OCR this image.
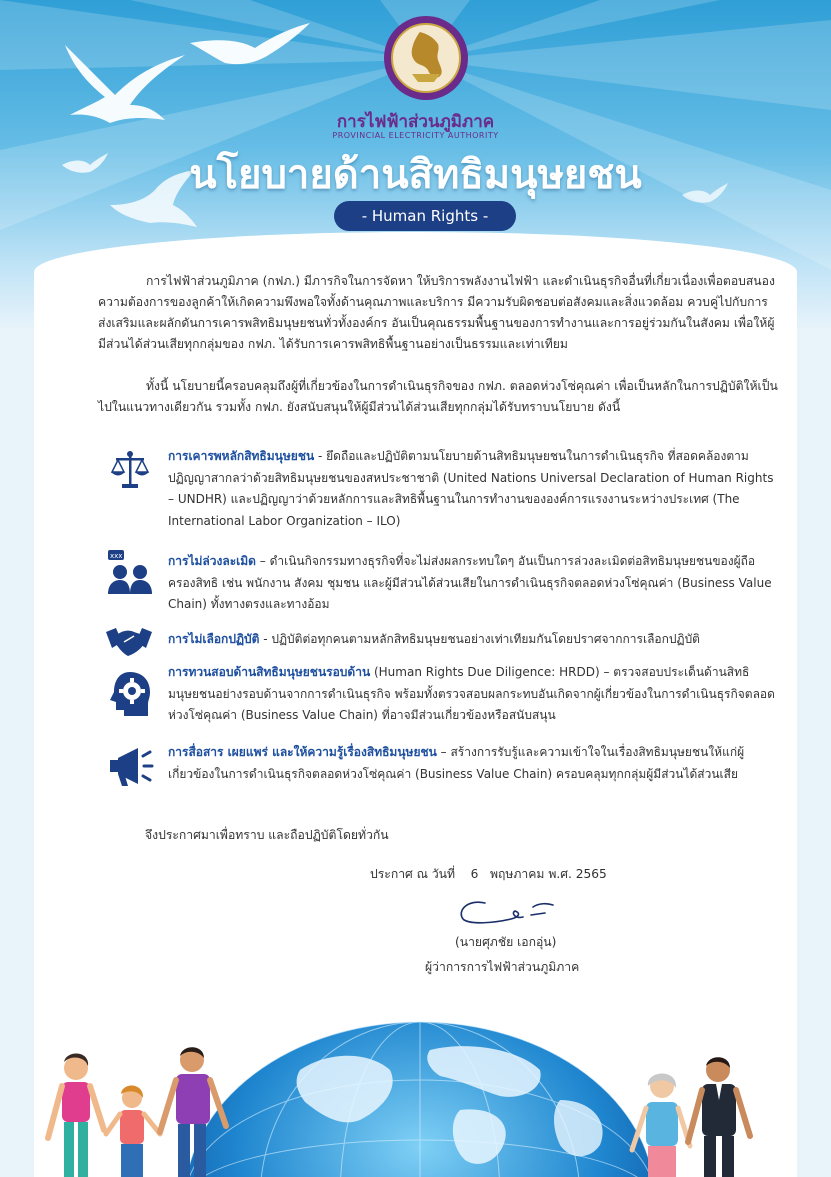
การไฟฟ้าส่วนภูมิภาค
PROVINCIAL ELECTRICITY AUTHORITY
นโยบายด้านสิทธิมนุษยชน
- Human Rights -

การไฟฟ้าส่วนภูมิภาค (กฟภ.) มีภารกิจในการจัดหา ให้บริการพลังงานไฟฟ้า และดำเนินธุรกิจอื่นที่เกี่ยวเนื่องเพื่อตอบสนองความต้องการของลูกค้าให้เกิดความพึงพอใจทั้งด้านคุณภาพและบริการ มีความรับผิดชอบต่อสังคมและสิ่งแวดล้อม ควบคู่ไปกับการส่งเสริมและผลักดันการเคารพสิทธิมนุษยชนทั่วทั้งองค์กร อันเป็นคุณธรรมพื้นฐานของการทำงานและการอยู่ร่วมกันในสังคม เพื่อให้ผู้มีส่วนได้ส่วนเสียทุกกลุ่มของ กฟภ. ได้รับการเคารพสิทธิพื้นฐานอย่างเป็นธรรมและเท่าเทียม

ทั้งนี้ นโยบายนี้ครอบคลุมถึงผู้ที่เกี่ยวข้องในการดำเนินธุรกิจของ กฟภ. ตลอดห่วงโซ่คุณค่า เพื่อเป็นหลักในการปฏิบัติให้เป็นไปในแนวทางเดียวกัน รวมทั้ง กฟภ. ยังสนับสนุนให้ผู้มีส่วนได้ส่วนเสียทุกกลุ่มได้รับทราบนโยบาย ดังนี้

การเคารพหลักสิทธิมนุษยชน - ยึดถือและปฏิบัติตามนโยบายด้านสิทธิมนุษยชนในการดำเนินธุรกิจ ที่สอดคล้องตามปฏิญญาสากลว่าด้วยสิทธิมนุษยชนของสหประชาชาติ (United Nations Universal Declaration of Human Rights – UNDHR) และปฏิญญาว่าด้วยหลักการและสิทธิพื้นฐานในการทำงานขององค์การแรงงานระหว่างประเทศ (The International Labor Organization – ILO)

xxx	การไม่ล่วงละเมิด – ดำเนินกิจกรรมทางธุรกิจที่จะไม่ส่งผลกระทบใดๆ อันเป็นการล่วงละเมิดต่อสิทธิมนุษยชนของผู้ถือครองสิทธิ เช่น พนักงาน สังคม ชุมชน และผู้มีส่วนได้ส่วนเสียในการดำเนินธุรกิจตลอดห่วงโซ่คุณค่า (Business Value Chain) ทั้งทางตรงและทางอ้อม

การไม่เลือกปฏิบัติ - ปฏิบัติต่อทุกคนตามหลักสิทธิมนุษยชนอย่างเท่าเทียมกันโดยปราศจากการเลือกปฏิบัติ

การทวนสอบด้านสิทธิมนุษยชนรอบด้าน (Human Rights Due Diligence: HRDD) – ตรวจสอบประเด็นด้านสิทธิมนุษยชนอย่างรอบด้านจากการดำเนินธุรกิจ พร้อมทั้งตรวจสอบผลกระทบอันเกิดจากผู้เกี่ยวข้องในการดำเนินธุรกิจตลอดห่วงโซ่คุณค่า (Business Value Chain) ที่อาจมีส่วนเกี่ยวข้องหรือสนับสนุน

การสื่อสาร เผยแพร่ และให้ความรู้เรื่องสิทธิมนุษยชน – สร้างการรับรู้และความเข้าใจในเรื่องสิทธิมนุษยชนให้แก่ผู้เกี่ยวข้องในการดำเนินธุรกิจตลอดห่วงโซ่คุณค่า (Business Value Chain) ครอบคลุมทุกกลุ่มผู้มีส่วนได้ส่วนเสีย

จึงประกาศมาเพื่อทราบ และถือปฏิบัติโดยทั่วกัน
ประกาศ ณ วันที่ 6 พฤษภาคม พ.ศ. 2565
(นายศุภชัย เอกอุ่น)
ผู้ว่าการการไฟฟ้าส่วนภูมิภาค
